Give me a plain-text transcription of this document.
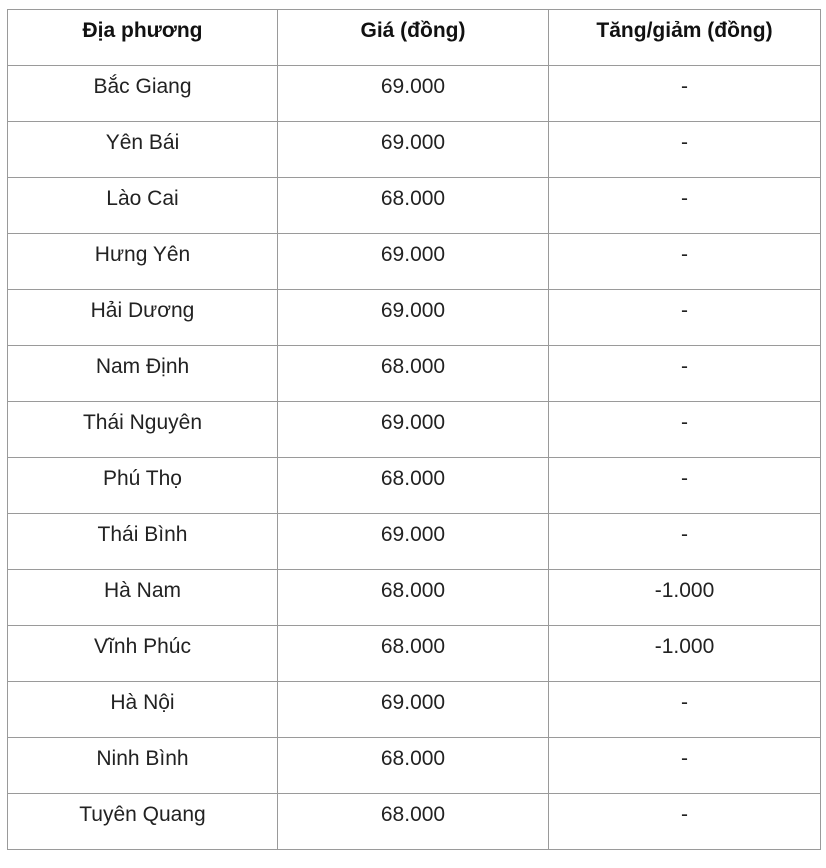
Địa phương	Giá (đồng)	Tăng/giảm (đồng)
Bắc Giang	69.000	-
Yên Bái	69.000	-
Lào Cai	68.000	-
Hưng Yên	69.000	-
Hải Dương	69.000	-
Nam Định	68.000	-
Thái Nguyên	69.000	-
Phú Thọ	68.000	-
Thái Bình	69.000	-
Hà Nam	68.000	-1.000
Vĩnh Phúc	68.000	-1.000
Hà Nội	69.000	-
Ninh Bình	68.000	-
Tuyên Quang	68.000	-
